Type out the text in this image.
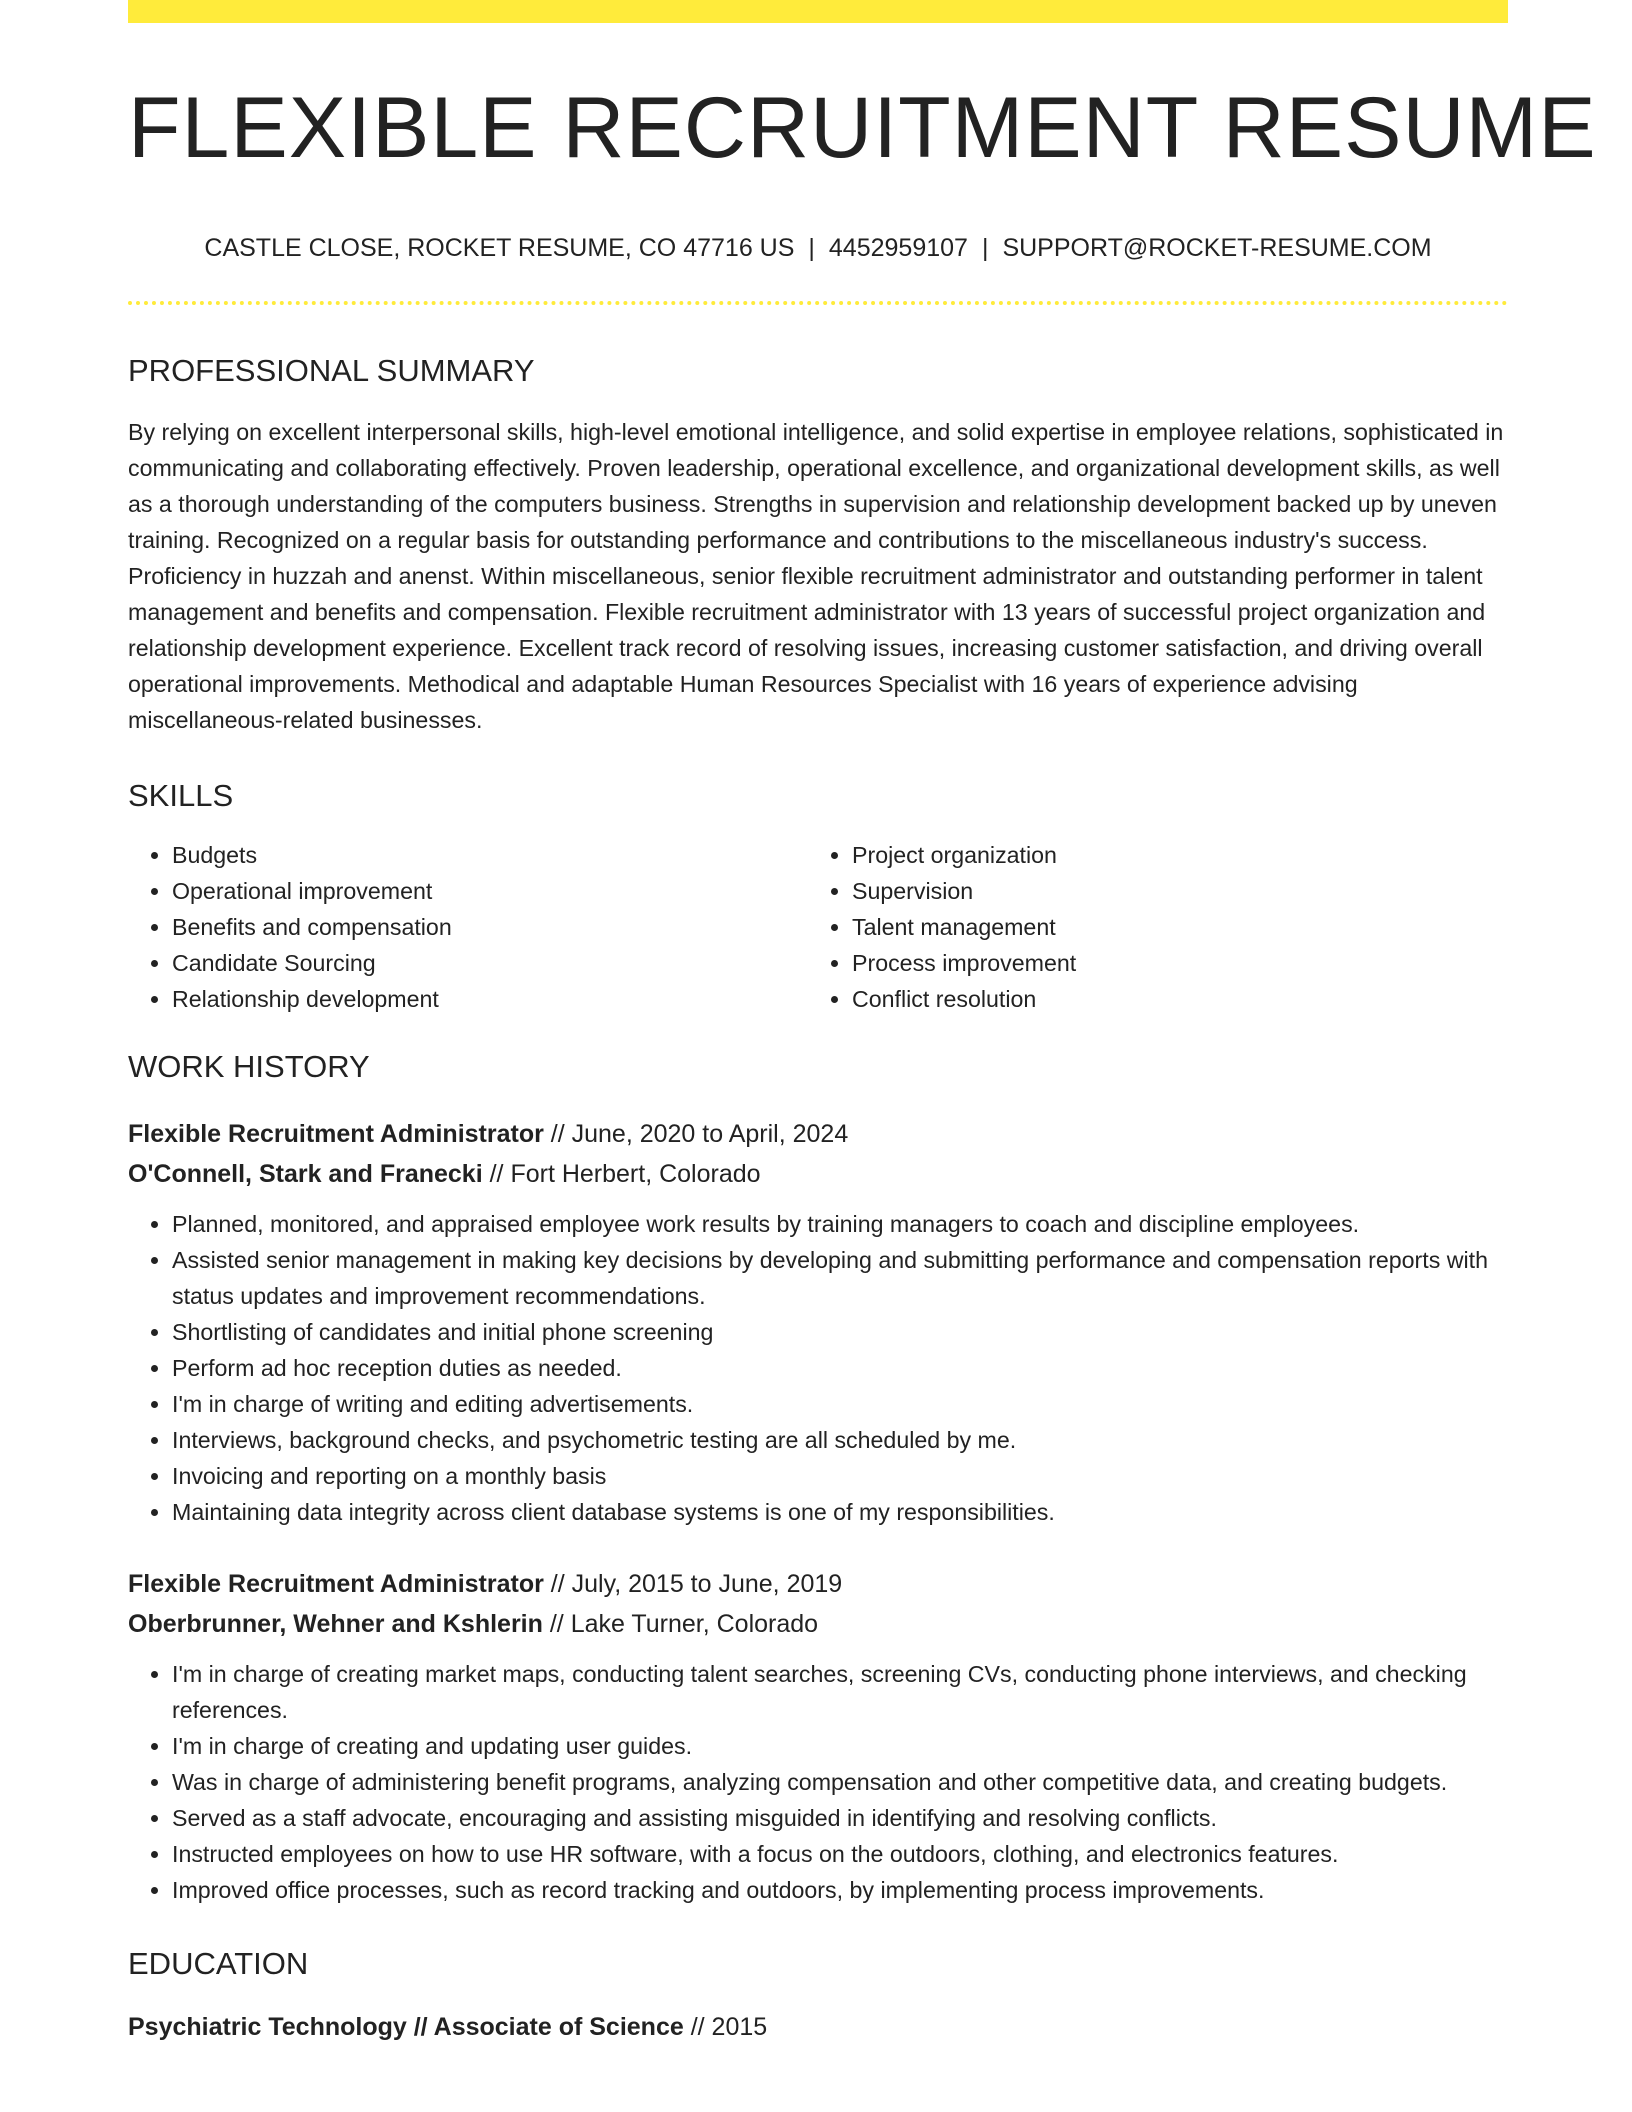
FLEXIBLE RECRUITMENT RESUME
CASTLE CLOSE, ROCKET RESUME, CO 47716 US | 4452959107 | SUPPORT@ROCKET-RESUME.COM
PROFESSIONAL SUMMARY

By relying on excellent interpersonal skills, high-level emotional intelligence, and solid expertise in employee relations, sophisticated in communicating and collaborating effectively. Proven leadership, operational excellence, and organizational development skills, as well as a thorough understanding of the computers business. Strengths in supervision and relationship development backed up by uneven training. Recognized on a regular basis for outstanding performance and contributions to the miscellaneous industry's success. Proficiency in huzzah and anenst. Within miscellaneous, senior flexible recruitment administrator and outstanding performer in talent management and benefits and compensation. Flexible recruitment administrator with 13 years of successful project organization and relationship development experience. Excellent track record of resolving issues, increasing customer satisfaction, and driving overall operational improvements. Methodical and adaptable Human Resources Specialist with 16 years of experience advising miscellaneous-related businesses.

SKILLS
• Budgets
• Operational improvement
• Benefits and compensation
• Candidate Sourcing
• Relationship development
• Project organization
• Supervision
• Talent management
• Process improvement
• Conflict resolution
WORK HISTORY
Flexible Recruitment Administrator // June, 2020 to April, 2024
O'Connell, Stark and Franecki // Fort Herbert, Colorado
• Planned, monitored, and appraised employee work results by training managers to coach and discipline employees.
• Assisted senior management in making key decisions by developing and submitting performance and compensation reports with status updates and improvement recommendations.
• Shortlisting of candidates and initial phone screening
• Perform ad hoc reception duties as needed.
• I'm in charge of writing and editing advertisements.
• Interviews, background checks, and psychometric testing are all scheduled by me.
• Invoicing and reporting on a monthly basis
• Maintaining data integrity across client database systems is one of my responsibilities.
Flexible Recruitment Administrator // July, 2015 to June, 2019
Oberbrunner, Wehner and Kshlerin // Lake Turner, Colorado
• I'm in charge of creating market maps, conducting talent searches, screening CVs, conducting phone interviews, and checking references.
• I'm in charge of creating and updating user guides.
• Was in charge of administering benefit programs, analyzing compensation and other competitive data, and creating budgets.
• Served as a staff advocate, encouraging and assisting misguided in identifying and resolving conflicts.
• Instructed employees on how to use HR software, with a focus on the outdoors, clothing, and electronics features.
• Improved office processes, such as record tracking and outdoors, by implementing process improvements.
EDUCATION
Psychiatric Technology // Associate of Science // 2015
